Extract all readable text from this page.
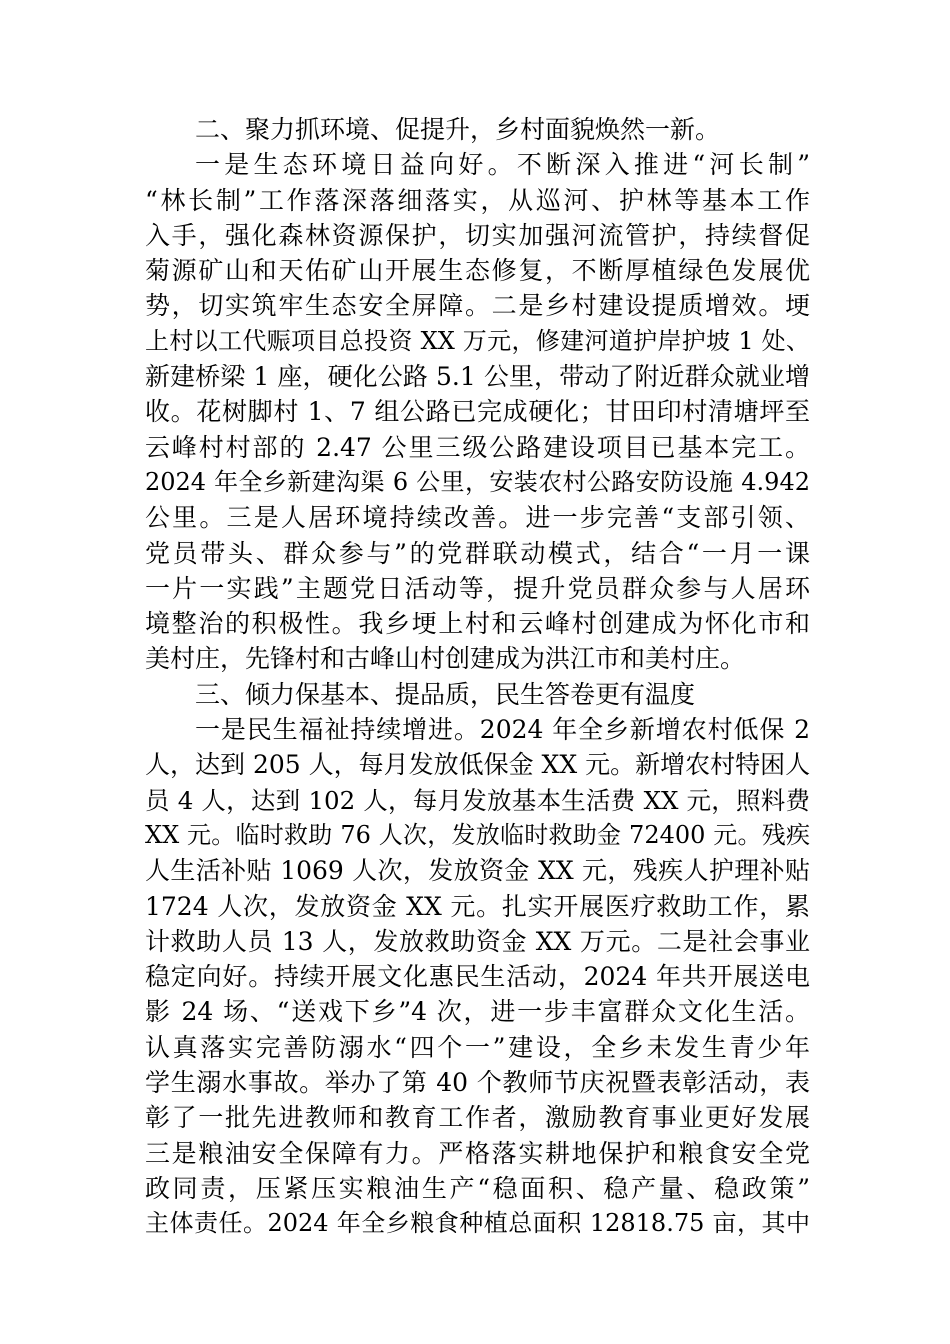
二、聚力抓环境、促提升，乡村面貌焕然一新。
一是生态环境日益向好。不断深入推进“河长制”
“林长制”工作落深落细落实，从巡河、护林等基本工作
入手，强化森林资源保护，切实加强河流管护，持续督促
菊源矿山和天佑矿山开展生态修复，不断厚植绿色发展优
势，切实筑牢生态安全屏障。二是乡村建设提质增效。埂
上村以工代赈项目总投资 XX 万元，修建河道护岸护坡 1 处、
新建桥梁 1 座，硬化公路 5.1 公里，带动了附近群众就业增
收。花树脚村 1、7 组公路已完成硬化；甘田印村清塘坪至
云峰村村部的 2.47 公里三级公路建设项目已基本完工。
2024 年全乡新建沟渠 6 公里，安装农村公路安防设施 4.942
公里。三是人居环境持续改善。进一步完善“支部引领、
党员带头、群众参与”的党群联动模式，结合“一月一课
一片一实践”主题党日活动等，提升党员群众参与人居环
境整治的积极性。我乡埂上村和云峰村创建成为怀化市和
美村庄，先锋村和古峰山村创建成为洪江市和美村庄。
三、倾力保基本、提品质，民生答卷更有温度
一是民生福祉持续增进。2024 年全乡新增农村低保 2
人，达到 205 人，每月发放低保金 XX 元。新增农村特困人
员 4 人，达到 102 人，每月发放基本生活费 XX 元，照料费
XX 元。临时救助 76 人次，发放临时救助金 72400 元。残疾
人生活补贴 1069 人次，发放资金 XX 元，残疾人护理补贴
1724 人次，发放资金 XX 元。扎实开展医疗救助工作，累
计救助人员 13 人，发放救助资金 XX 万元。二是社会事业
稳定向好。持续开展文化惠民生活动，2024 年共开展送电
影 24 场、“送戏下乡”4 次，进一步丰富群众文化生活。
认真落实完善防溺水“四个一”建设，全乡未发生青少年
学生溺水事故。举办了第 40 个教师节庆祝暨表彰活动，表
彰了一批先进教师和教育工作者，激励教育事业更好发展
三是粮油安全保障有力。严格落实耕地保护和粮食安全党
政同责，压紧压实粮油生产“稳面积、稳产量、稳政策”
主体责任。2024 年全乡粮食种植总面积 12818.75 亩，其中
